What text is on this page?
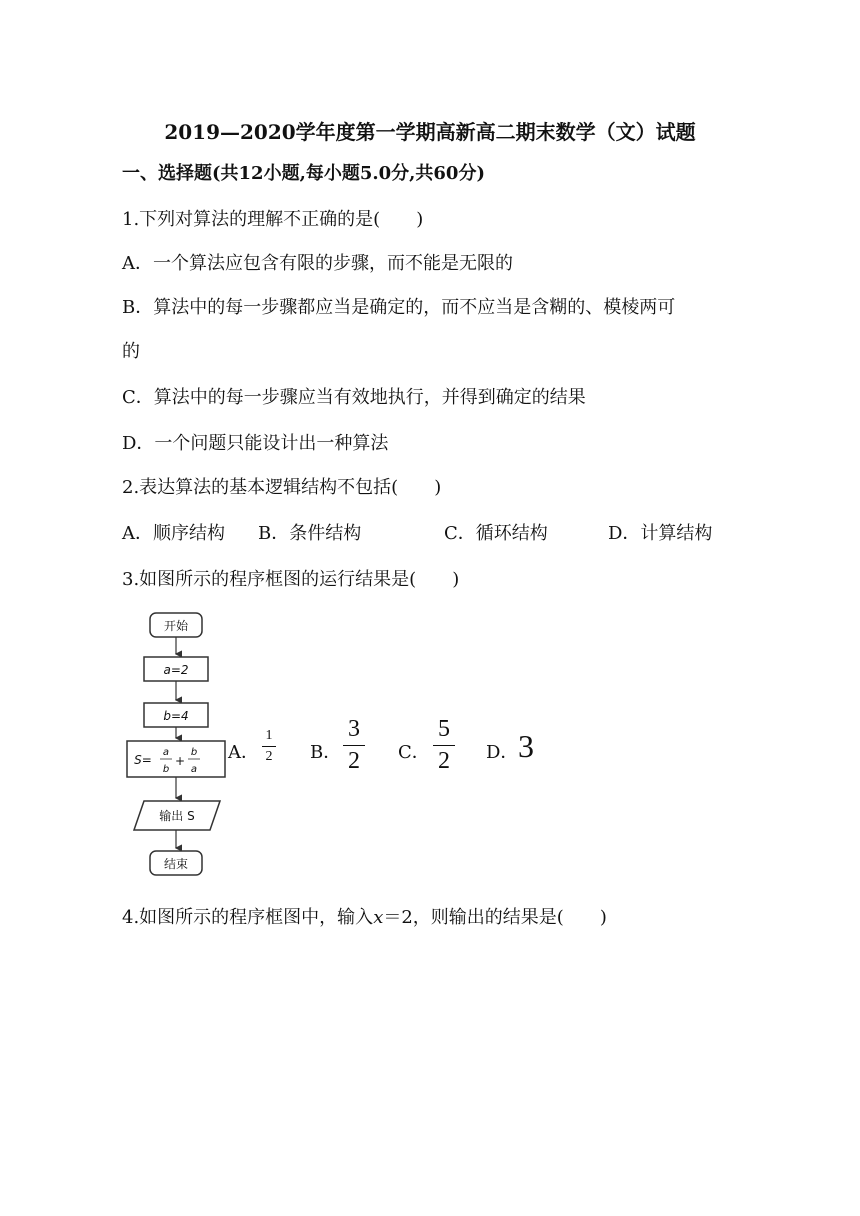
2019—2020学年度第一学期高新高二期末数学（文）试题
一、选择题(共12小题,每小题5.0分,共60分)
1.下列对算法的理解不正确的是(　　)
A．一个算法应包含有限的步骤，而不能是无限的
B．算法中的每一步骤都应当是确定的，而不应当是含糊的、模棱两可
的
C．算法中的每一步骤应当有效地执行，并得到确定的结果
D．一个问题只能设计出一种算法
2.表达算法的基本逻辑结构不包括(　　)
A．顺序结构 B．条件结构	C．循环结构	D．计算结构
3.如图所示的程序框图的运行结果是(　　)
开始
a=2
b=4
S=
a
b
+
b
a
输出 S
结束
A．
1
2 B．
3
2 C．
5
2 D． 3
4.如图所示的程序框图中，输入x＝2，则输出的结果是(　　)
